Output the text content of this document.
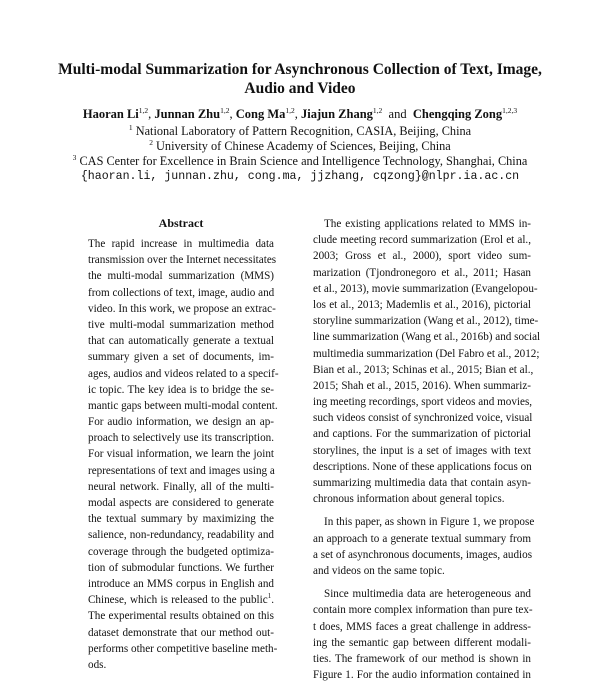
Multi-modal Summarization for Asynchronous Collection of Text, Image,
Audio and Video
Haoran Li$^{1,2}$, Junnan Zhu$^{1,2}$, Cong Ma$^{1,2}$, Jiajun Zhang$^{1,2}$ and Chengqing Zong$^{1,2,3}$
$^1$ National Laboratory of Pattern Recognition, CASIA, Beijing, China
$^2$ University of Chinese Academy of Sciences, Beijing, China
$^3$ CAS Center for Excellence in Brain Science and Intelligence Technology, Shanghai, China
{haoran.li, junnan.zhu, cong.ma, jjzhang, cqzong}@nlpr.ia.ac.cn
Abstract
The rapid increase in multimedia data
transmission over the Internet necessitates
the multi-modal summarization (MMS)
from collections of text, image, audio and
video. In this work, we propose an extrac-
tive multi-modal summarization method
that can automatically generate a textual
summary given a set of documents, im-
ages, audios and videos related to a specif-
ic topic. The key idea is to bridge the se-
mantic gaps between multi-modal content.
For audio information, we design an ap-
proach to selectively use its transcription.
For visual information, we learn the joint
representations of text and images using a
neural network. Finally, all of the multi-
modal aspects are considered to generate
the textual summary by maximizing the
salience, non-redundancy, readability and
coverage through the budgeted optimiza-
tion of submodular functions. We further
introduce an MMS corpus in English and
Chinese, which is released to the public$^1$.
The experimental results obtained on this
dataset demonstrate that our method out-
performs other competitive baseline meth-
ods.

The existing applications related to MMS in-
clude meeting record summarization (Erol et al.,
2003; Gross et al., 2000), sport video sum-
marization (Tjondronegoro et al., 2011; Hasan
et al., 2013), movie summarization (Evangelopou-
los et al., 2013; Mademlis et al., 2016), pictorial
storyline summarization (Wang et al., 2012), time-
line summarization (Wang et al., 2016b) and social
multimedia summarization (Del Fabro et al., 2012;
Bian et al., 2013; Schinas et al., 2015; Bian et al.,
2015; Shah et al., 2015, 2016). When summariz-
ing meeting recordings, sport videos and movies,
such videos consist of synchronized voice, visual
and captions. For the summarization of pictorial
storylines, the input is a set of images with text
descriptions. None of these applications focus on
summarizing multimedia data that contain asyn-
chronous information about general topics.

In this paper, as shown in Figure 1, we propose
an approach to a generate textual summary from
a set of asynchronous documents, images, audios
and videos on the same topic.

Since multimedia data are heterogeneous and
contain more complex information than pure tex-
t does, MMS faces a great challenge in address-
ing the semantic gap between different modali-
ties. The framework of our method is shown in
Figure 1. For the audio information contained in
